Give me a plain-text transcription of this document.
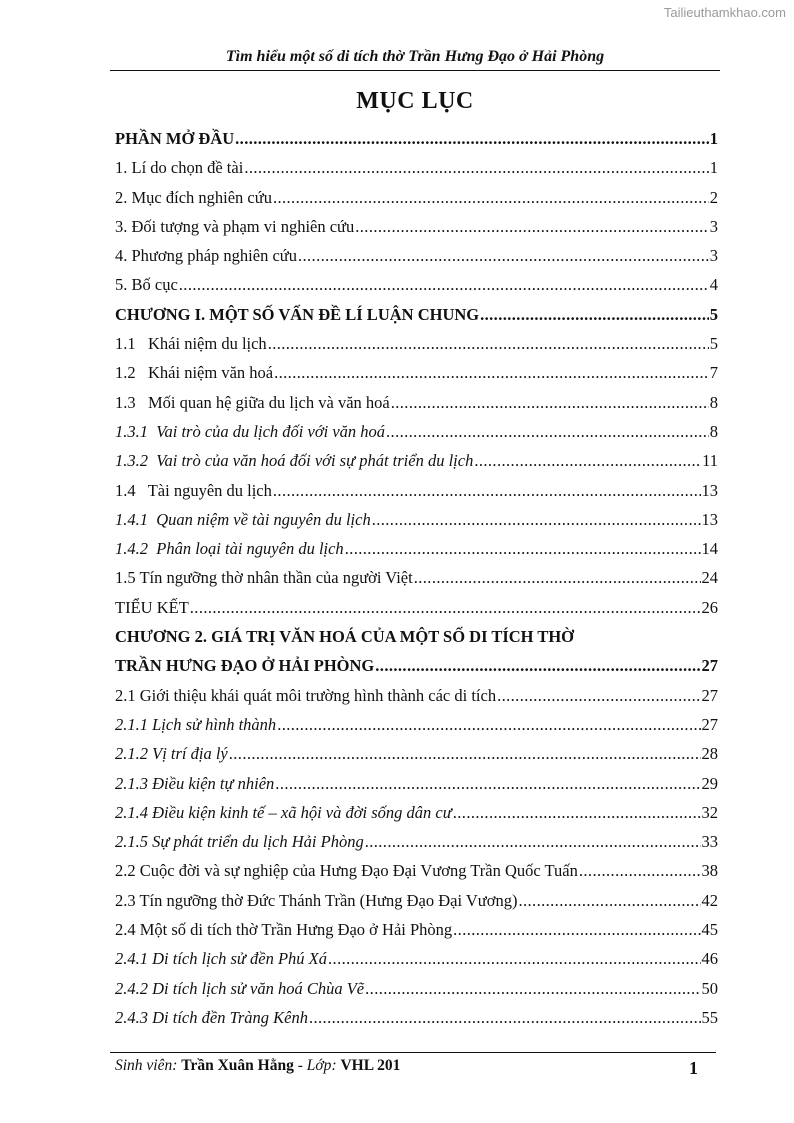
Tailieuthamkhao.com
Tìm hiểu một số di tích thờ Trần Hưng Đạo ở Hải Phòng
MỤC LỤC
PHẦN MỞ ĐẦU .....	1
1. Lí do chọn đề tài .....	1
2. Mục đích nghiên cứu .....	2
3. Đối tượng và phạm vi nghiên cứu .....	3
4. Phương pháp nghiên cứu .....	3
5. Bố cục .....	4
CHƯƠNG I. MỘT SỐ VẤN ĐỀ LÍ LUẬN CHUNG .....	5
1.1   Khái niệm du lịch .....	5
1.2   Khái niệm văn hoá .....	7
1.3   Mối quan hệ giữa du lịch và văn hoá .....	8
1.3.1  Vai trò của du lịch đối với văn hoá .....	8
1.3.2  Vai trò của văn hoá đối với sự phát triển du lịch .....	11
1.4   Tài nguyên du lịch .....	13
1.4.1  Quan niệm về tài nguyên du lịch .....	13
1.4.2  Phân loại tài nguyên du lịch .....	14
1.5 Tín ngưỡng thờ nhân thần của người Việt .....	24
TIỂU KẾT .....	26
CHƯƠNG 2. GIÁ TRỊ VĂN HOÁ CỦA MỘT SỐ DI TÍCH THỜ
TRẦN HƯNG ĐẠO Ở HẢI PHÒNG .....	27
2.1 Giới thiệu khái quát môi trường hình thành các di tích .....	27
2.1.1 Lịch sử hình thành .....	27
2.1.2 Vị trí địa lý .....	28
2.1.3 Điều kiện tự nhiên .....	29
2.1.4 Điều kiện kinh tế – xã hội và đời sống dân cư .....	32
2.1.5 Sự phát triển du lịch Hải Phòng .....	33
2.2 Cuộc đời và sự nghiệp của Hưng Đạo Đại Vương Trần Quốc Tuấn .....	38
2.3 Tín ngưỡng thờ Đức Thánh Trần (Hưng Đạo Đại Vương) .....	42
2.4 Một số di tích thờ Trần Hưng Đạo ở Hải Phòng .....	45
2.4.1 Di tích lịch sử đền Phú Xá .....	46
2.4.2 Di tích lịch sử văn hoá Chùa Vẽ .....	50
2.4.3 Di tích đền Tràng Kênh .....	55
Sinh viên: Trần Xuân Hằng - Lớp: VHL 201	1
